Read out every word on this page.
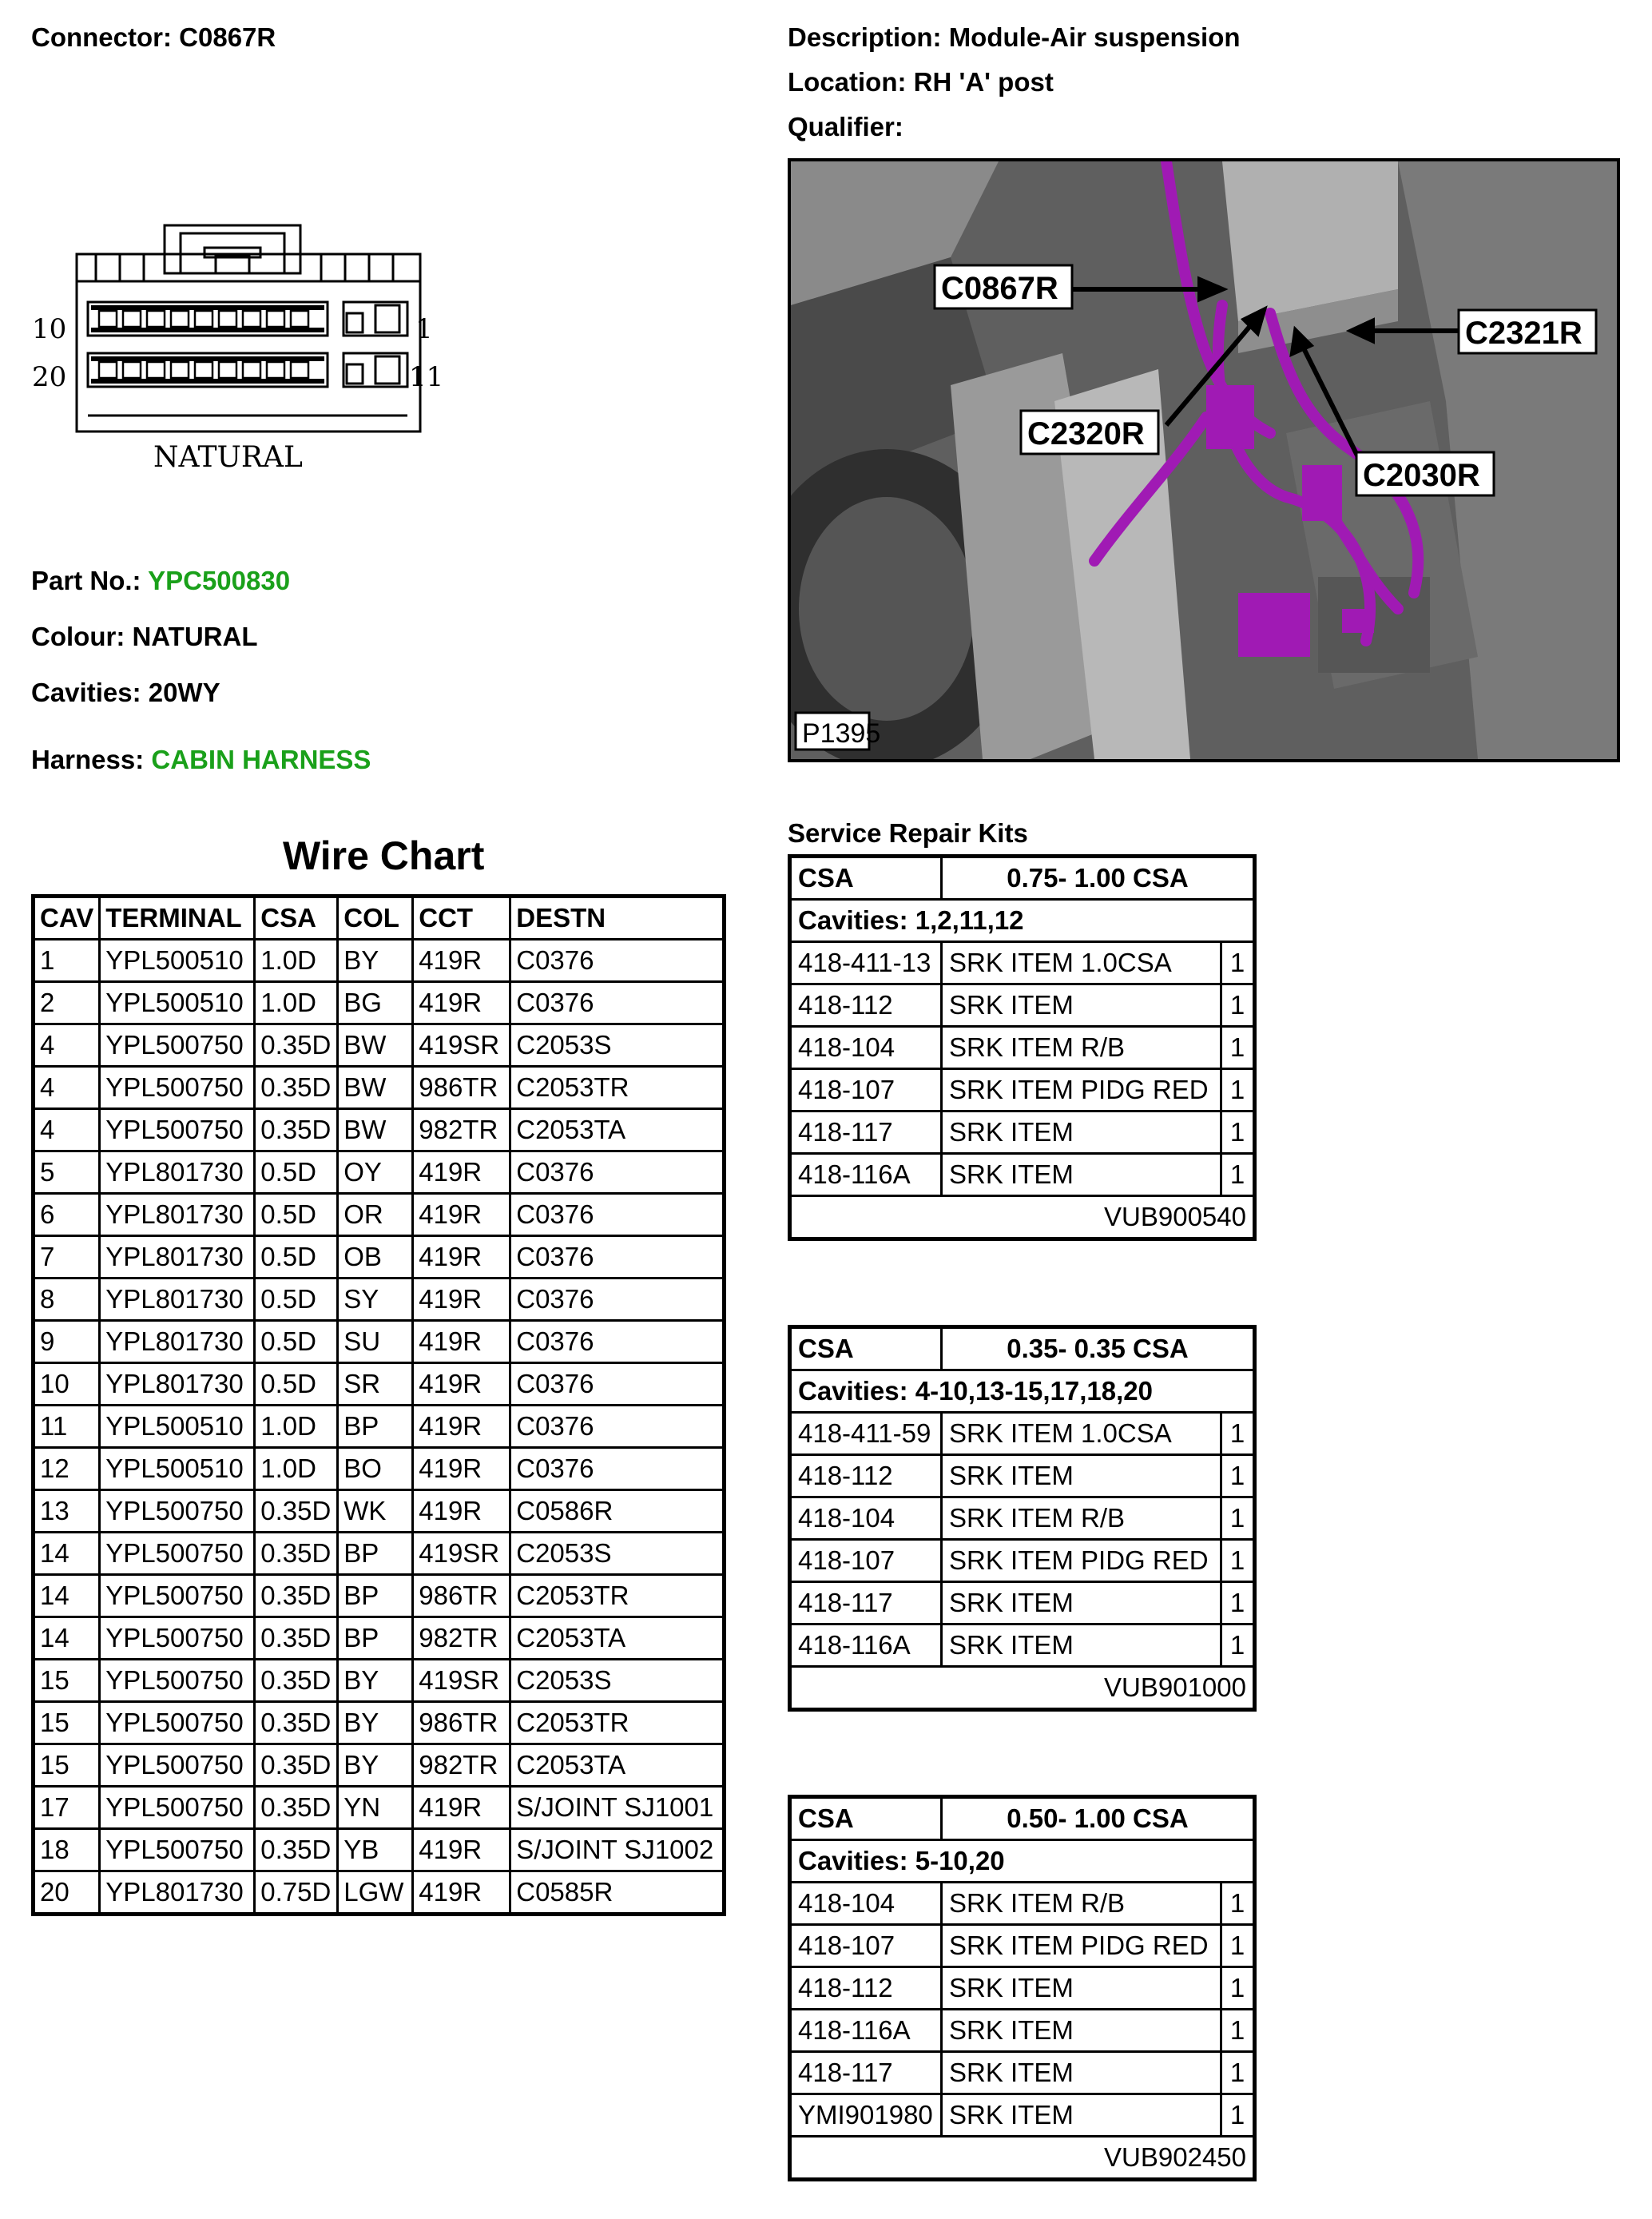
Connector: C0867R	Description: Module-Air suspension
Location: RH 'A' post
Qualifier:
10	1
20	11
NATURAL
Part No.: YPC500830
Colour: NATURAL
Cavities: 20WY
Harness: CABIN HARNESS
C0867R
C2321R
C2320R
C2030R
P1395
Wire Chart
CAV	TERMINAL	CSA	COL	CCT	DESTN
1	YPL500510	1.0D	BY	419R	C0376
2	YPL500510	1.0D	BG	419R	C0376
4	YPL500750	0.35D	BW	419SR	C2053S
4	YPL500750	0.35D	BW	986TR	C2053TR
4	YPL500750	0.35D	BW	982TR	C2053TA
5	YPL801730	0.5D	OY	419R	C0376
6	YPL801730	0.5D	OR	419R	C0376
7	YPL801730	0.5D	OB	419R	C0376
8	YPL801730	0.5D	SY	419R	C0376
9	YPL801730	0.5D	SU	419R	C0376
10	YPL801730	0.5D	SR	419R	C0376
11	YPL500510	1.0D	BP	419R	C0376
12	YPL500510	1.0D	BO	419R	C0376
13	YPL500750	0.35D	WK	419R	C0586R
14	YPL500750	0.35D	BP	419SR	C2053S
14	YPL500750	0.35D	BP	986TR	C2053TR
14	YPL500750	0.35D	BP	982TR	C2053TA
15	YPL500750	0.35D	BY	419SR	C2053S
15	YPL500750	0.35D	BY	986TR	C2053TR
15	YPL500750	0.35D	BY	982TR	C2053TA
17	YPL500750	0.35D	YN	419R	S/JOINT SJ1001
18	YPL500750	0.35D	YB	419R	S/JOINT SJ1002
20	YPL801730	0.75D	LGW	419R	C0585R
Service Repair Kits
CSA	0.75- 1.00 CSA	
Cavities: 1,2,11,12		
418-411-13	SRK ITEM 1.0CSA	1
418-112	SRK ITEM	1
418-104	SRK ITEM R/B	1
418-107	SRK ITEM PIDG RED	1
418-117	SRK ITEM	1
418-116A	SRK ITEM	1
VUB900540		
CSA	0.35- 0.35 CSA	
Cavities: 4-10,13-15,17,18,20		
418-411-59	SRK ITEM 1.0CSA	1
418-112	SRK ITEM	1
418-104	SRK ITEM R/B	1
418-107	SRK ITEM PIDG RED	1
418-117	SRK ITEM	1
418-116A	SRK ITEM	1
VUB901000		
CSA	0.50- 1.00 CSA	
Cavities: 5-10,20		
418-104	SRK ITEM R/B	1
418-107	SRK ITEM PIDG RED	1
418-112	SRK ITEM	1
418-116A	SRK ITEM	1
418-117	SRK ITEM	1
YMI901980	SRK ITEM	1
VUB902450		
